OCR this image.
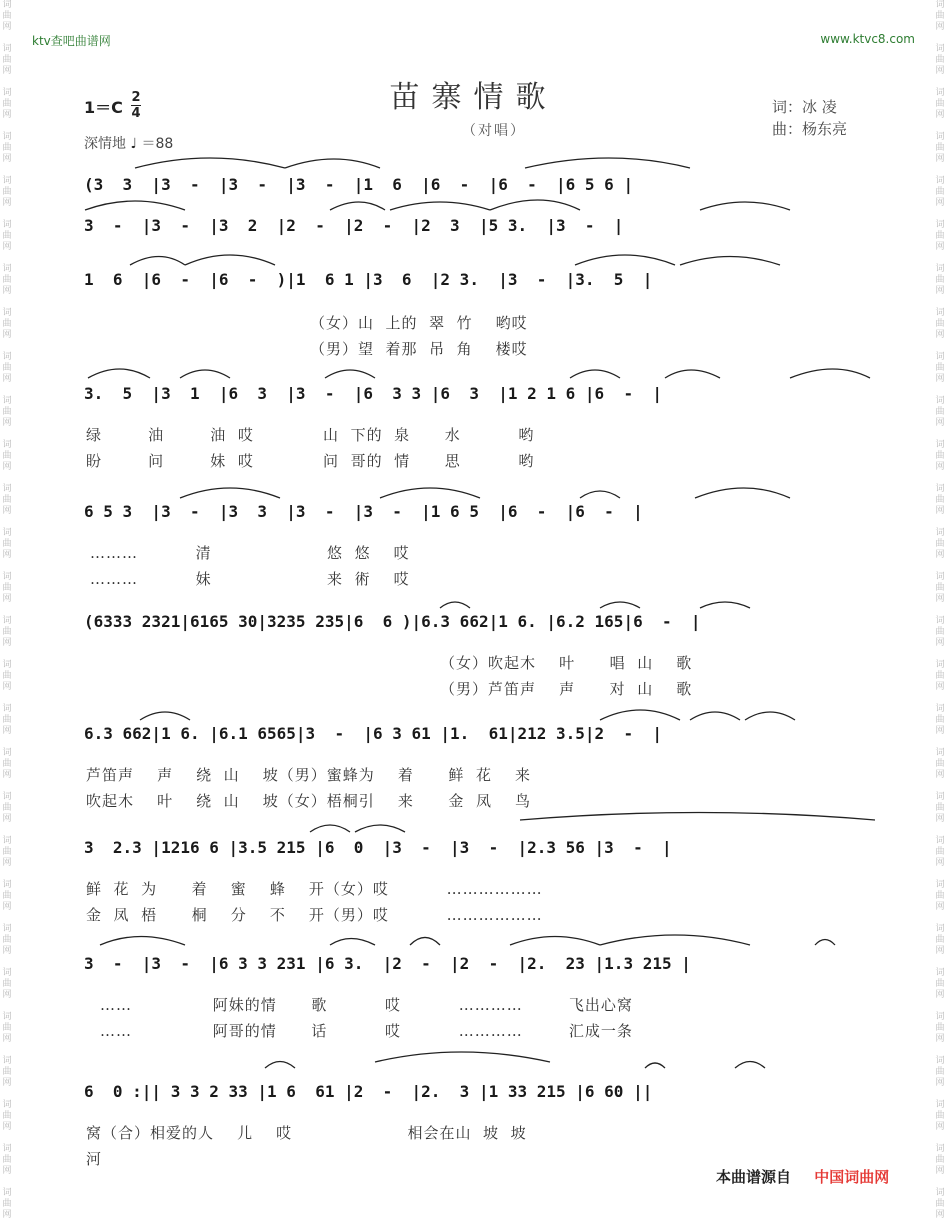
词
曲
网

词
曲
网

词
曲
网

词
曲
网

词
曲
网

词
曲
网

词
曲
网

词
曲
网

词
曲
网

词
曲
网

词
曲
网

词
曲
网

词
曲
网

词
曲
网

词
曲
网

词
曲
网

词
曲
网

词
曲
网

词
曲
网

词
曲
网

词
曲
网

词
曲
网

词
曲
网

词
曲
网

词
曲
网

词
曲
网

词
曲
网

词
曲
网

词
曲
网

词
曲
网

词
曲
网

词
曲
网

词
曲
网

词
曲
网

词
曲
网

词
曲
网

词
曲
网

词
曲
网

词
曲
网

词
曲
网

词
曲
网

词
曲
网

词
曲
网

词
曲
网

词
曲
网

词
曲
网

词
曲
网

词
曲
网

词
曲
网

词
曲
网

词
曲
网

词
曲
网

词
曲
网

词
曲
网

词
曲
网

词
曲
网

ktv查吧曲谱网	www.ktvc8.com
苗寨情歌
（对唱）
词：冰 凌
曲：杨东亮
1＝C
2
4
深情地 ♩ ＝88
(3  3  |3  -  |3  -  |3  -  |1  6  |6  -  |6  -  |6 5 6 |
3  -  |3  -  |3  2  |2  -  |2  -  |2  3  |5 3.  |3  -  |
1  6  |6  -  |6  -  )|1  6 1 |3  6  |2 3.  |3  -  |3.  5  |
（女）山  上的  翠  竹    哟哎
（男）望  着那  吊  角    楼哎
3.  5  |3  1  |6  3  |3  -  |6  3 3 |6  3  |1 2 1 6 |6  -  |
绿        油        油  哎            山  下的  泉      水          哟
盼        问        妹  哎            问  哥的  情      思          哟
6 5 3  |3  -  |3  3  |3  -  |3  -  |1 6 5  |6  -  |6  -  |
………          清                    悠  悠    哎
………          妹                    来  術    哎
(6333 2321|6165 30|3235 235|6  6 )|6.3 662|1 6. |6.2 165|6  -  |
（女）吹起木    叶      唱  山    歌
（男）芦笛声    声      对  山    歌
6.3 662|1 6. |6.1 6565|3  -  |6 3 61 |1.  61|212 3.5|2  -  |
芦笛声    声    绕  山    坡（男）蜜蜂为    着      鲜  花    来
吹起木    叶    绕  山    坡（女）梧桐引    来      金  凤    鸟
3  2.3 |1216 6 |3.5 215 |6  0  |3  -  |3  -  |2.3 56 |3  -  |
鲜  花  为      着    蜜    蜂    开（女）哎          ………………
金  凤  梧      桐    分    不    开（男）哎          ………………
3  -  |3  -  |6 3 3 231 |6 3.  |2  -  |2  -  |2.  23 |1.3 215 |
……              阿妹的情      歌          哎          …………        飞出心窝
……              阿哥的情      话          哎          …………        汇成一条
6  0 :|| 3 3 2 33 |1 6  61 |2  -  |2.  3 |1 33 215 |6 60 ||
窝（合）相爱的人    儿    哎                    相会在山  坡  坡
河
本曲谱源自 中国词曲网
